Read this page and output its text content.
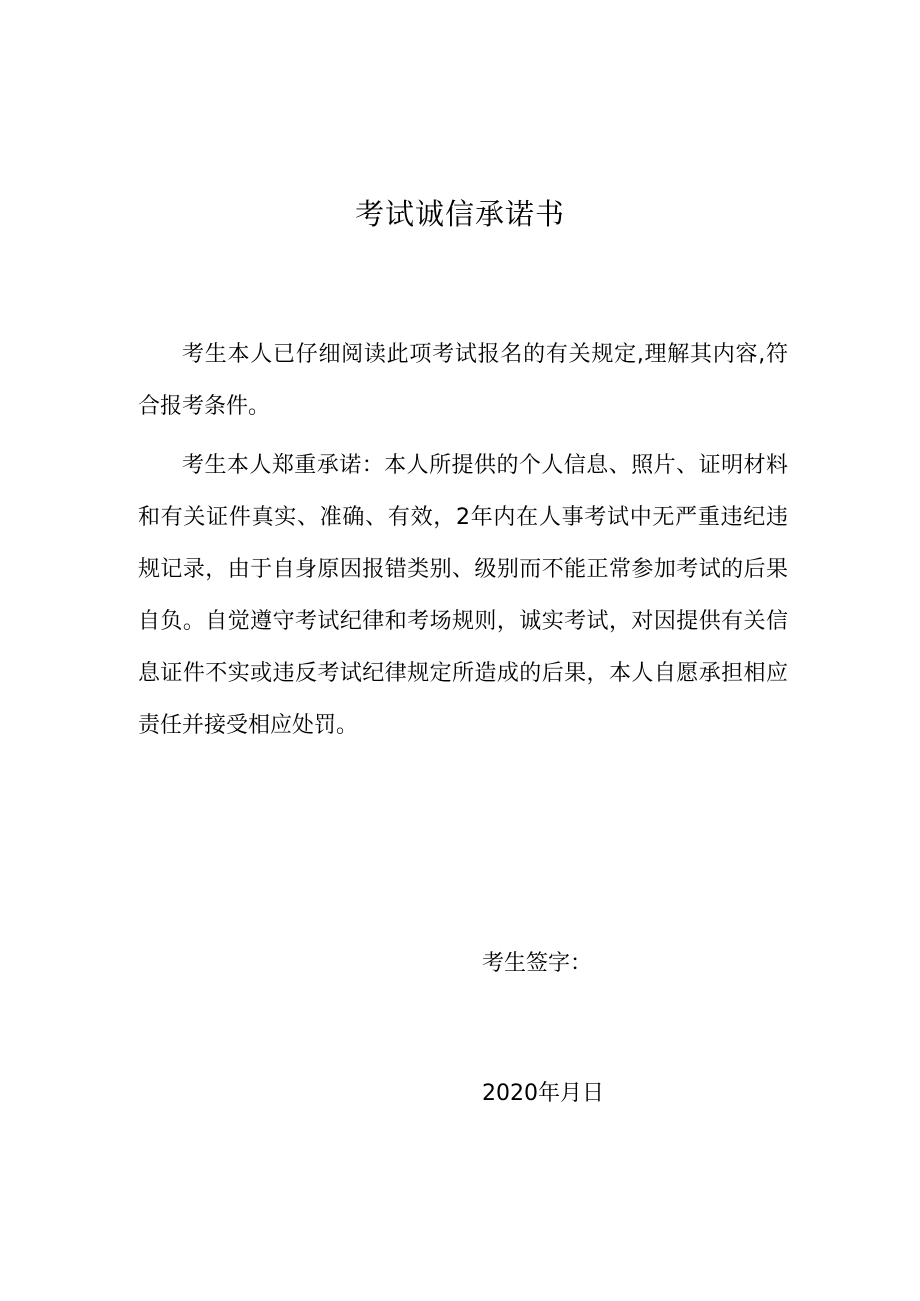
考试诚信承诺书

考生本人已仔细阅读此项考试报名的有关规定,理解其内容,符合报考条件。

考生本人郑重承诺：本人所提供的个人信息、照片、证明材料和有关证件真实、准确、有效，2年内在人事考试中无严重违纪违规记录，由于自身原因报错类别、级别而不能正常参加考试的后果自负。自觉遵守考试纪律和考场规则，诚实考试，对因提供有关信息证件不实或违反考试纪律规定所造成的后果，本人自愿承担相应责任并接受相应处罚。

考生签字：

2020年月日
